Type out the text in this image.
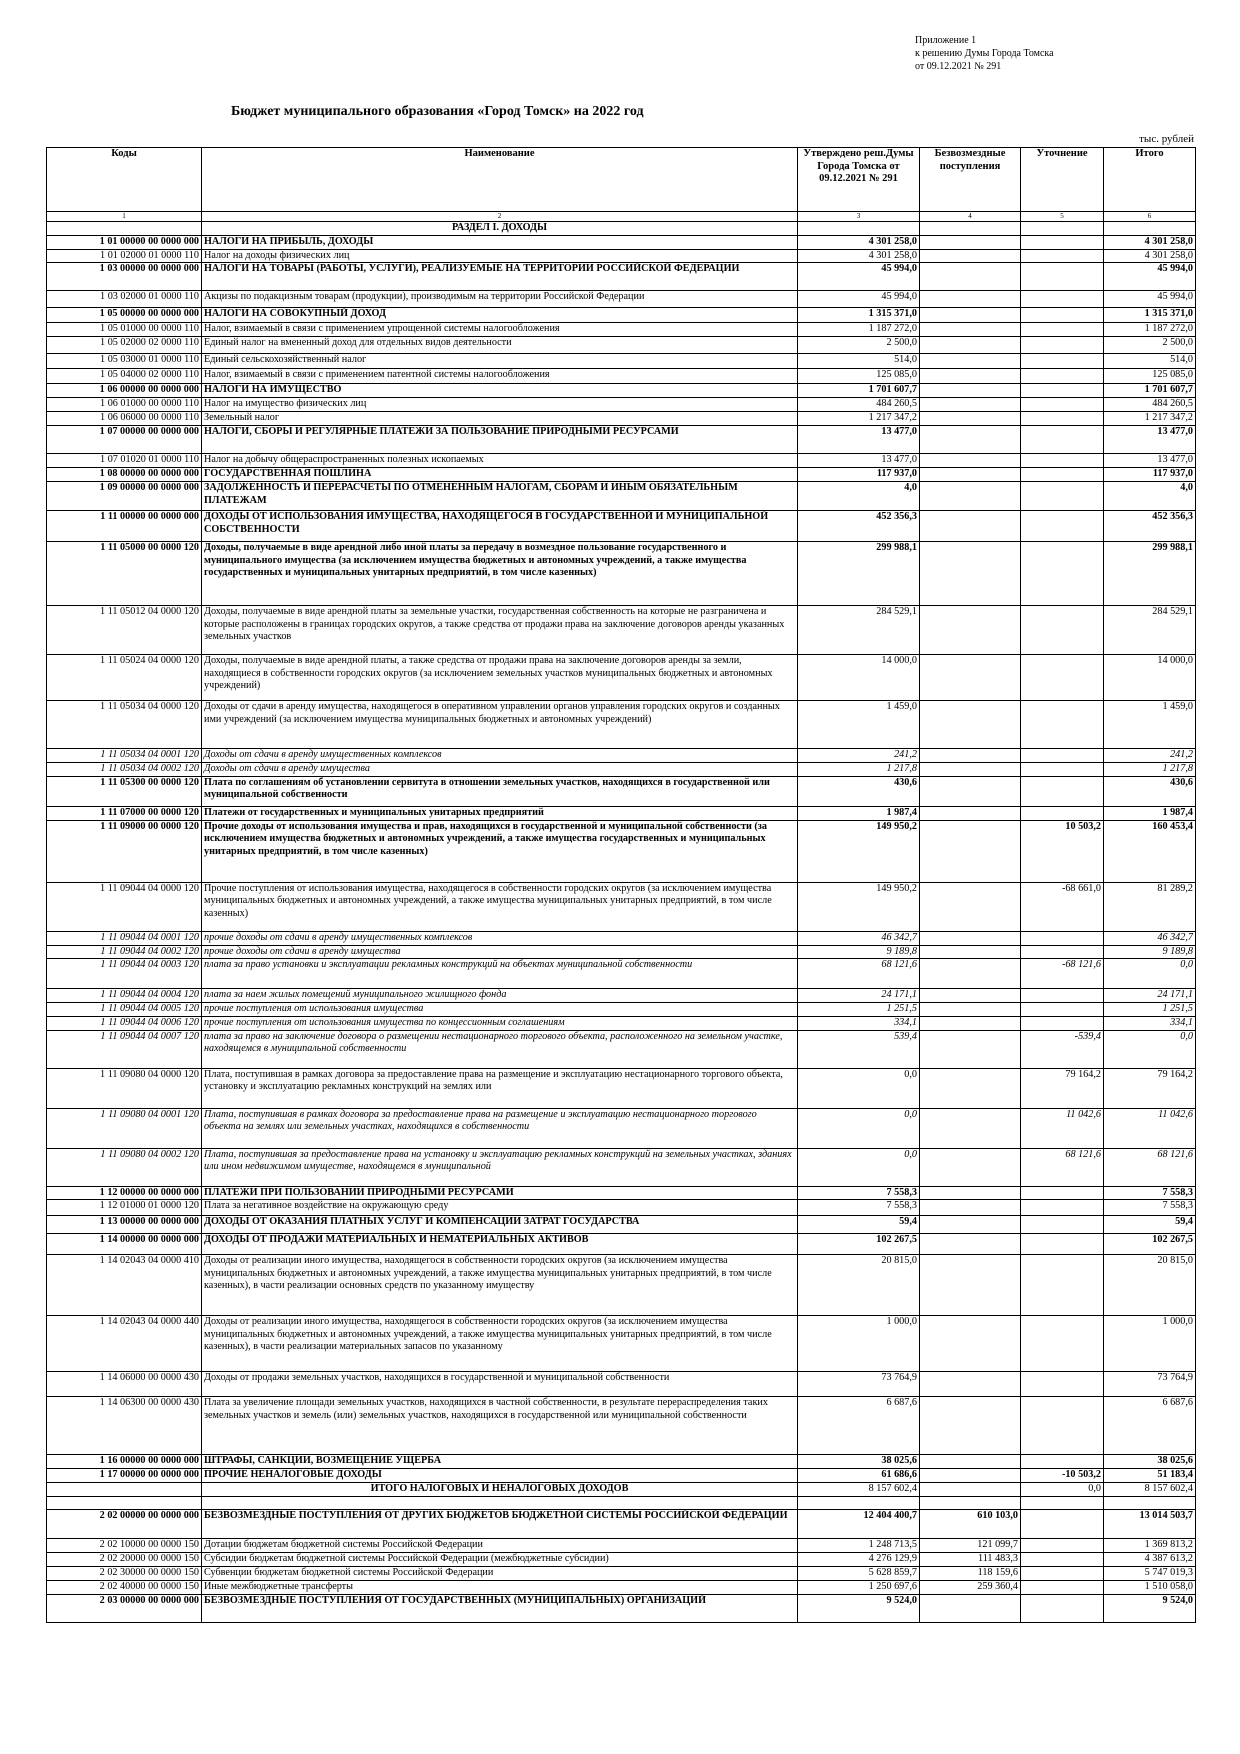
Приложение 1
к решению Думы Города Томска
от 09.12.2021 № 291
Бюджет муниципального образования «Город Томск» на 2022 год
тыс. рублей
Коды	Наименование	Утверждено реш.Думы Города Томска от 09.12.2021 № 291	Безвозмездные поступления	Уточнение	Итого
1	2	3	4	5	6
	РАЗДЕЛ I. ДОХОДЫ				
1 01 00000 00 0000 000	НАЛОГИ НА ПРИБЫЛЬ, ДОХОДЫ	4 301 258,0			4 301 258,0
1 01 02000 01 0000 110	Налог на доходы физических лиц	4 301 258,0			4 301 258,0
1 03 00000 00 0000 000	НАЛОГИ НА ТОВАРЫ (РАБОТЫ, УСЛУГИ), РЕАЛИЗУЕМЫЕ НА ТЕРРИТОРИИ РОССИЙСКОЙ ФЕДЕРАЦИИ	45 994,0			45 994,0
1 03 02000 01 0000 110	Акцизы по подакцизным товарам (продукции), производимым на территории Российской Федерации	45 994,0			45 994,0
1 05 00000 00 0000 000	НАЛОГИ НА СОВОКУПНЫЙ ДОХОД	1 315 371,0			1 315 371,0
1 05 01000 00 0000 110	Налог, взимаемый в связи с применением упрощенной системы налогообложения	1 187 272,0			1 187 272,0
1 05 02000 02 0000 110	Единый налог на вмененный доход для отдельных видов деятельности	2 500,0			2 500,0
1 05 03000 01 0000 110	Единый сельскохозяйственный налог	514,0			514,0
1 05 04000 02 0000 110	Налог, взимаемый в связи с применением патентной системы налогообложения	125 085,0			125 085,0
1 06 00000 00 0000 000	НАЛОГИ НА ИМУЩЕСТВО	1 701 607,7			1 701 607,7
1 06 01000 00 0000 110	Налог на имущество физических лиц	484 260,5			484 260,5
1 06 06000 00 0000 110	Земельный налог	1 217 347,2			1 217 347,2
1 07 00000 00 0000 000	НАЛОГИ, СБОРЫ И РЕГУЛЯРНЫЕ ПЛАТЕЖИ ЗА ПОЛЬЗОВАНИЕ ПРИРОДНЫМИ РЕСУРСАМИ	13 477,0			13 477,0
1 07 01020 01 0000 110	Налог на добычу общераспространенных полезных ископаемых	13 477,0			13 477,0
1 08 00000 00 0000 000	ГОСУДАРСТВЕННАЯ ПОШЛИНА	117 937,0			117 937,0
1 09 00000 00 0000 000	ЗАДОЛЖЕННОСТЬ И ПЕРЕРАСЧЕТЫ ПО ОТМЕНЕННЫМ НАЛОГАМ, СБОРАМ И ИНЫМ ОБЯЗАТЕЛЬНЫМ ПЛАТЕЖАМ	4,0			4,0
1 11 00000 00 0000 000	ДОХОДЫ ОТ ИСПОЛЬЗОВАНИЯ ИМУЩЕСТВА, НАХОДЯЩЕГОСЯ В ГОСУДАРСТВЕННОЙ И МУНИЦИПАЛЬНОЙ СОБСТВЕННОСТИ	452 356,3			452 356,3
1 11 05000 00 0000 120	Доходы, получаемые в виде арендной либо иной платы за передачу в возмездное пользование государственного и муниципального имущества (за исключением имущества бюджетных и автономных учреждений, а также имущества государственных и муниципальных унитарных предприятий, в том числе казенных)	299 988,1			299 988,1
1 11 05012 04 0000 120	Доходы, получаемые в виде арендной платы за земельные участки, государственная собственность на которые не разграничена и которые расположены в границах городских округов, а также средства от продажи права на заключение договоров аренды указанных земельных участков	284 529,1			284 529,1
1 11 05024 04 0000 120	Доходы, получаемые в виде арендной платы, а также средства от продажи права на заключение договоров аренды за земли, находящиеся в собственности городских округов (за исключением земельных участков муниципальных бюджетных и автономных учреждений)	14 000,0			14 000,0
1 11 05034 04 0000 120	Доходы от сдачи в аренду имущества, находящегося в оперативном управлении органов управления городских округов и созданных ими учреждений (за исключением имущества муниципальных бюджетных и автономных учреждений)	1 459,0			1 459,0
1 11 05034 04 0001 120	Доходы от сдачи в аренду имущественных комплексов	241,2			241,2
1 11 05034 04 0002 120	Доходы от сдачи в аренду имущества	1 217,8			1 217,8
1 11 05300 00 0000 120	Плата по соглашениям об установлении сервитута в отношении земельных участков, находящихся в государственной или муниципальной собственности	430,6			430,6
1 11 07000 00 0000 120	Платежи от государственных и муниципальных унитарных предприятий	1 987,4			1 987,4
1 11 09000 00 0000 120	Прочие доходы от использования имущества и прав, находящихся в государственной и муниципальной собственности (за исключением имущества бюджетных и автономных учреждений, а также имущества государственных и муниципальных унитарных предприятий, в том числе казенных)	149 950,2		10 503,2	160 453,4
1 11 09044 04 0000 120	Прочие поступления от использования имущества, находящегося в собственности городских округов (за исключением имущества муниципальных бюджетных и автономных учреждений, а также имущества муниципальных унитарных предприятий, в том числе казенных)	149 950,2		-68 661,0	81 289,2
1 11 09044 04 0001 120	прочие доходы от сдачи в аренду имущественных комплексов	46 342,7			46 342,7
1 11 09044 04 0002 120	прочие доходы от сдачи в аренду имущества	9 189,8			9 189,8
1 11 09044 04 0003 120	плата за право установки и эксплуатации рекламных конструкций на объектах муниципальной собственности	68 121,6		-68 121,6	0,0
1 11 09044 04 0004 120	плата за наем жилых помещений муниципального жилищного фонда	24 171,1			24 171,1
1 11 09044 04 0005 120	прочие поступления от использования имущества	1 251,5			1 251,5
1 11 09044 04 0006 120	прочие поступления от использования имущества по концессионным соглашениям	334,1			334,1
1 11 09044 04 0007 120	плата за право на заключение договора о размещении нестационарного торгового объекта, расположенного на земельном участке, находящемся в муниципальной собственности	539,4		-539,4	0,0
1 11 09080 04 0000 120	Плата, поступившая в рамках договора за предоставление права на размещение и эксплуатацию нестационарного торгового объекта, установку и эксплуатацию рекламных конструкций на землях или	0,0		79 164,2	79 164,2
1 11 09080 04 0001 120	Плата, поступившая в рамках договора за предоставление права на размещение и эксплуатацию нестационарного торгового объекта на землях или земельных участках, находящихся в собственности	0,0		11 042,6	11 042,6
1 11 09080 04 0002 120	Плата, поступившая за предоставление права на установку и эксплуатацию рекламных конструкций на земельных участках, зданиях или ином недвижимом имуществе, находящемся в муниципальной	0,0		68 121,6	68 121,6
1 12 00000 00 0000 000	ПЛАТЕЖИ ПРИ ПОЛЬЗОВАНИИ ПРИРОДНЫМИ РЕСУРСАМИ	7 558,3			7 558,3
1 12 01000 01 0000 120	Плата за негативное воздействие на окружающую среду	7 558,3			7 558,3
1 13 00000 00 0000 000	ДОХОДЫ ОТ ОКАЗАНИЯ ПЛАТНЫХ УСЛУГ И КОМПЕНСАЦИИ ЗАТРАТ ГОСУДАРСТВА	59,4			59,4
1 14 00000 00 0000 000	ДОХОДЫ ОТ ПРОДАЖИ МАТЕРИАЛЬНЫХ И НЕМАТЕРИАЛЬНЫХ АКТИВОВ	102 267,5			102 267,5
1 14 02043 04 0000 410	Доходы от реализации иного имущества, находящегося в собственности городских округов (за исключением имущества муниципальных бюджетных и автономных учреждений, а также имущества муниципальных унитарных предприятий, в том числе казенных), в части реализации основных средств по указанному имуществу	20 815,0			20 815,0
1 14 02043 04 0000 440	Доходы от реализации иного имущества, находящегося в собственности городских округов (за исключением имущества муниципальных бюджетных и автономных учреждений, а также имущества муниципальных унитарных предприятий, в том числе казенных), в части реализации материальных запасов по указанному	1 000,0			1 000,0
1 14 06000 00 0000 430	Доходы от продажи земельных участков, находящихся в государственной и муниципальной собственности	73 764,9			73 764,9
1 14 06300 00 0000 430	Плата за увеличение площади земельных участков, находящихся в частной собственности, в результате перераспределения таких земельных участков и земель (или) земельных участков, находящихся в государственной или муниципальной собственности	6 687,6			6 687,6
1 16 00000 00 0000 000	ШТРАФЫ, САНКЦИИ, ВОЗМЕЩЕНИЕ УЩЕРБА	38 025,6			38 025,6
1 17 00000 00 0000 000	ПРОЧИЕ НЕНАЛОГОВЫЕ ДОХОДЫ	61 686,6		-10 503,2	51 183,4
	ИТОГО НАЛОГОВЫХ И НЕНАЛОГОВЫХ ДОХОДОВ	8 157 602,4		0,0	8 157 602,4

2 02 00000 00 0000 000	БЕЗВОЗМЕЗДНЫЕ ПОСТУПЛЕНИЯ ОТ ДРУГИХ БЮДЖЕТОВ БЮДЖЕТНОЙ СИСТЕМЫ РОССИЙСКОЙ ФЕДЕРАЦИИ	12 404 400,7	610 103,0		13 014 503,7
2 02 10000 00 0000 150	Дотации бюджетам бюджетной системы Российской Федерации	1 248 713,5	121 099,7		1 369 813,2
2 02 20000 00 0000 150	Субсидии бюджетам бюджетной системы Российской Федерации (межбюджетные субсидии)	4 276 129,9	111 483,3		4 387 613,2
2 02 30000 00 0000 150	Субвенции бюджетам бюджетной системы Российской Федерации	5 628 859,7	118 159,6		5 747 019,3
2 02 40000 00 0000 150	Иные межбюджетные трансферты	1 250 697,6	259 360,4		1 510 058,0
2 03 00000 00 0000 000	БЕЗВОЗМЕЗДНЫЕ ПОСТУПЛЕНИЯ ОТ ГОСУДАРСТВЕННЫХ (МУНИЦИПАЛЬНЫХ) ОРГАНИЗАЦИЙ	9 524,0			9 524,0
